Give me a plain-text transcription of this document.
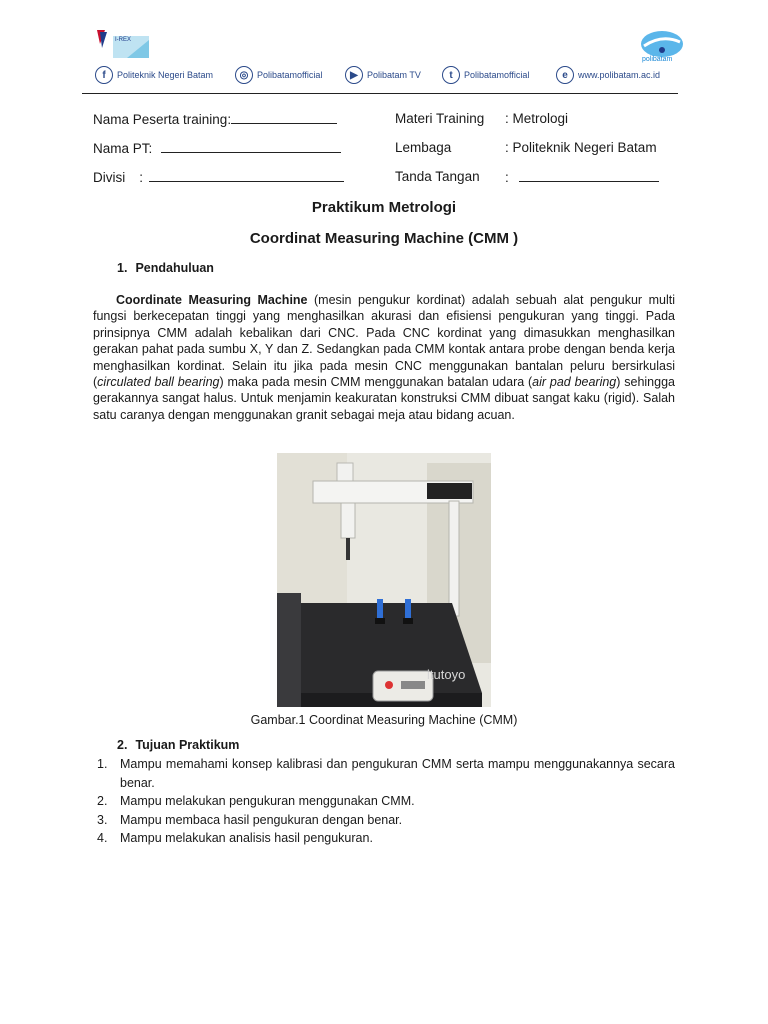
I-REX
polibatam
f	Politeknik Negeri Batam	◎ Polibatamofficial	▶	Polibatam TV	t	Polibatamofficial	e	www.polibatam.ac.id
Nama Peserta training:
Nama PT:
Divisi :
Materi Training : Metrologi
Lembaga	: Politeknik Negeri Batam
Tanda Tangan :
Praktikum Metrologi
Coordinat Measuring Machine (CMM )
1. Pendahuluan
Coordinate Measuring Machine (mesin pengukur kordinat) adalah sebuah alat pengukur multi fungsi berkecepatan tinggi yang menghasilkan akurasi dan efisiensi pengukuran yang tinggi. Pada prinsipnya CMM adalah kebalikan dari CNC. Pada CNC kordinat yang dimasukkan menghasilkan gerakan pahat pada sumbu X, Y dan Z. Sedangkan pada CMM kontak antara probe dengan benda kerja menghasilkan kordinat. Selain itu jika pada mesin CNC menggunakan bantalan peluru bersirkulasi (circulated ball bearing) maka pada mesin CMM menggunakan batalan udara (air pad bearing) sehingga gerakannya sangat halus. Untuk menjamin keakuratan konstruksi CMM dibuat sangat kaku (rigid). Salah satu caranya dengan menggunakan granit sebagai meja atau bidang acuan.
itutoyo
Gambar.1 Coordinat Measuring Machine (CMM)
2. Tujuan Praktikum
1. Mampu memahami konsep kalibrasi dan pengukuran CMM serta mampu menggunakannya secara benar.
2. Mampu melakukan pengukuran menggunakan CMM.
3. Mampu membaca hasil pengukuran dengan benar.
4. Mampu melakukan analisis hasil pengukuran.
